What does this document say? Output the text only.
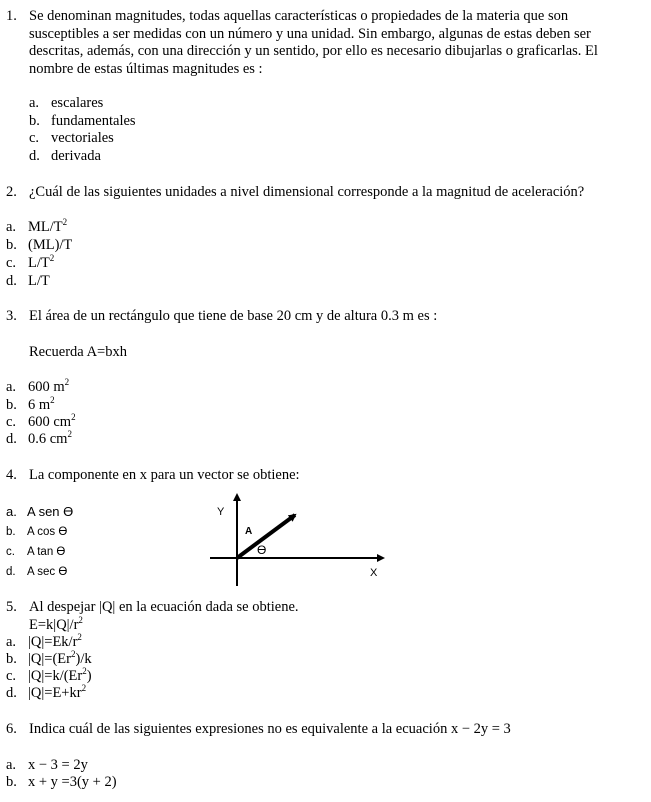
1. Se denominan magnitudes, todas aquellas características o propiedades de la materia que son susceptibles a ser medidas con un número y una unidad. Sin embargo, algunas de estas deben ser descritas, además, con una dirección y un sentido, por ello es necesario dibujarlas o graficarlas. El nombre de estas últimas magnitudes es :
a. escalares
b. fundamentales
c. vectoriales
d. derivada
2. ¿Cuál de las siguientes unidades a nivel dimensional corresponde a la magnitud de aceleración?
a. $ML/T^2$
b. (ML)/T
c. $L/T^2$
d. L/T
3. El área de un rectángulo que tiene de base 20 cm y de altura 0.3 m es :
Recuerda A=bxh
a. 600 $m^2$
b. 6 $m^2$
c. 600 $cm^2$
d. 0.6 $cm^2$
4. La componente en x para un vector se obtiene:
a. A sen ϴ
b. A cos ϴ
c. A tan ϴ
d. A sec ϴ
Y
X
A
ϴ
5. Al despejar |Q| en la ecuación dada se obtiene.
$E=k|Q|/r^2$
a. $|Q|=Ek/r^2$
b. $|Q|=(Er^2)/k$
c. $|Q|=k/(Er^2)$
d. $|Q|=E+kr^2$
6. Indica cuál de las siguientes expresiones no es equivalente a la ecuación x − 2y = 3
a. x − 3 = 2y
b. x + y =3(y + 2)
